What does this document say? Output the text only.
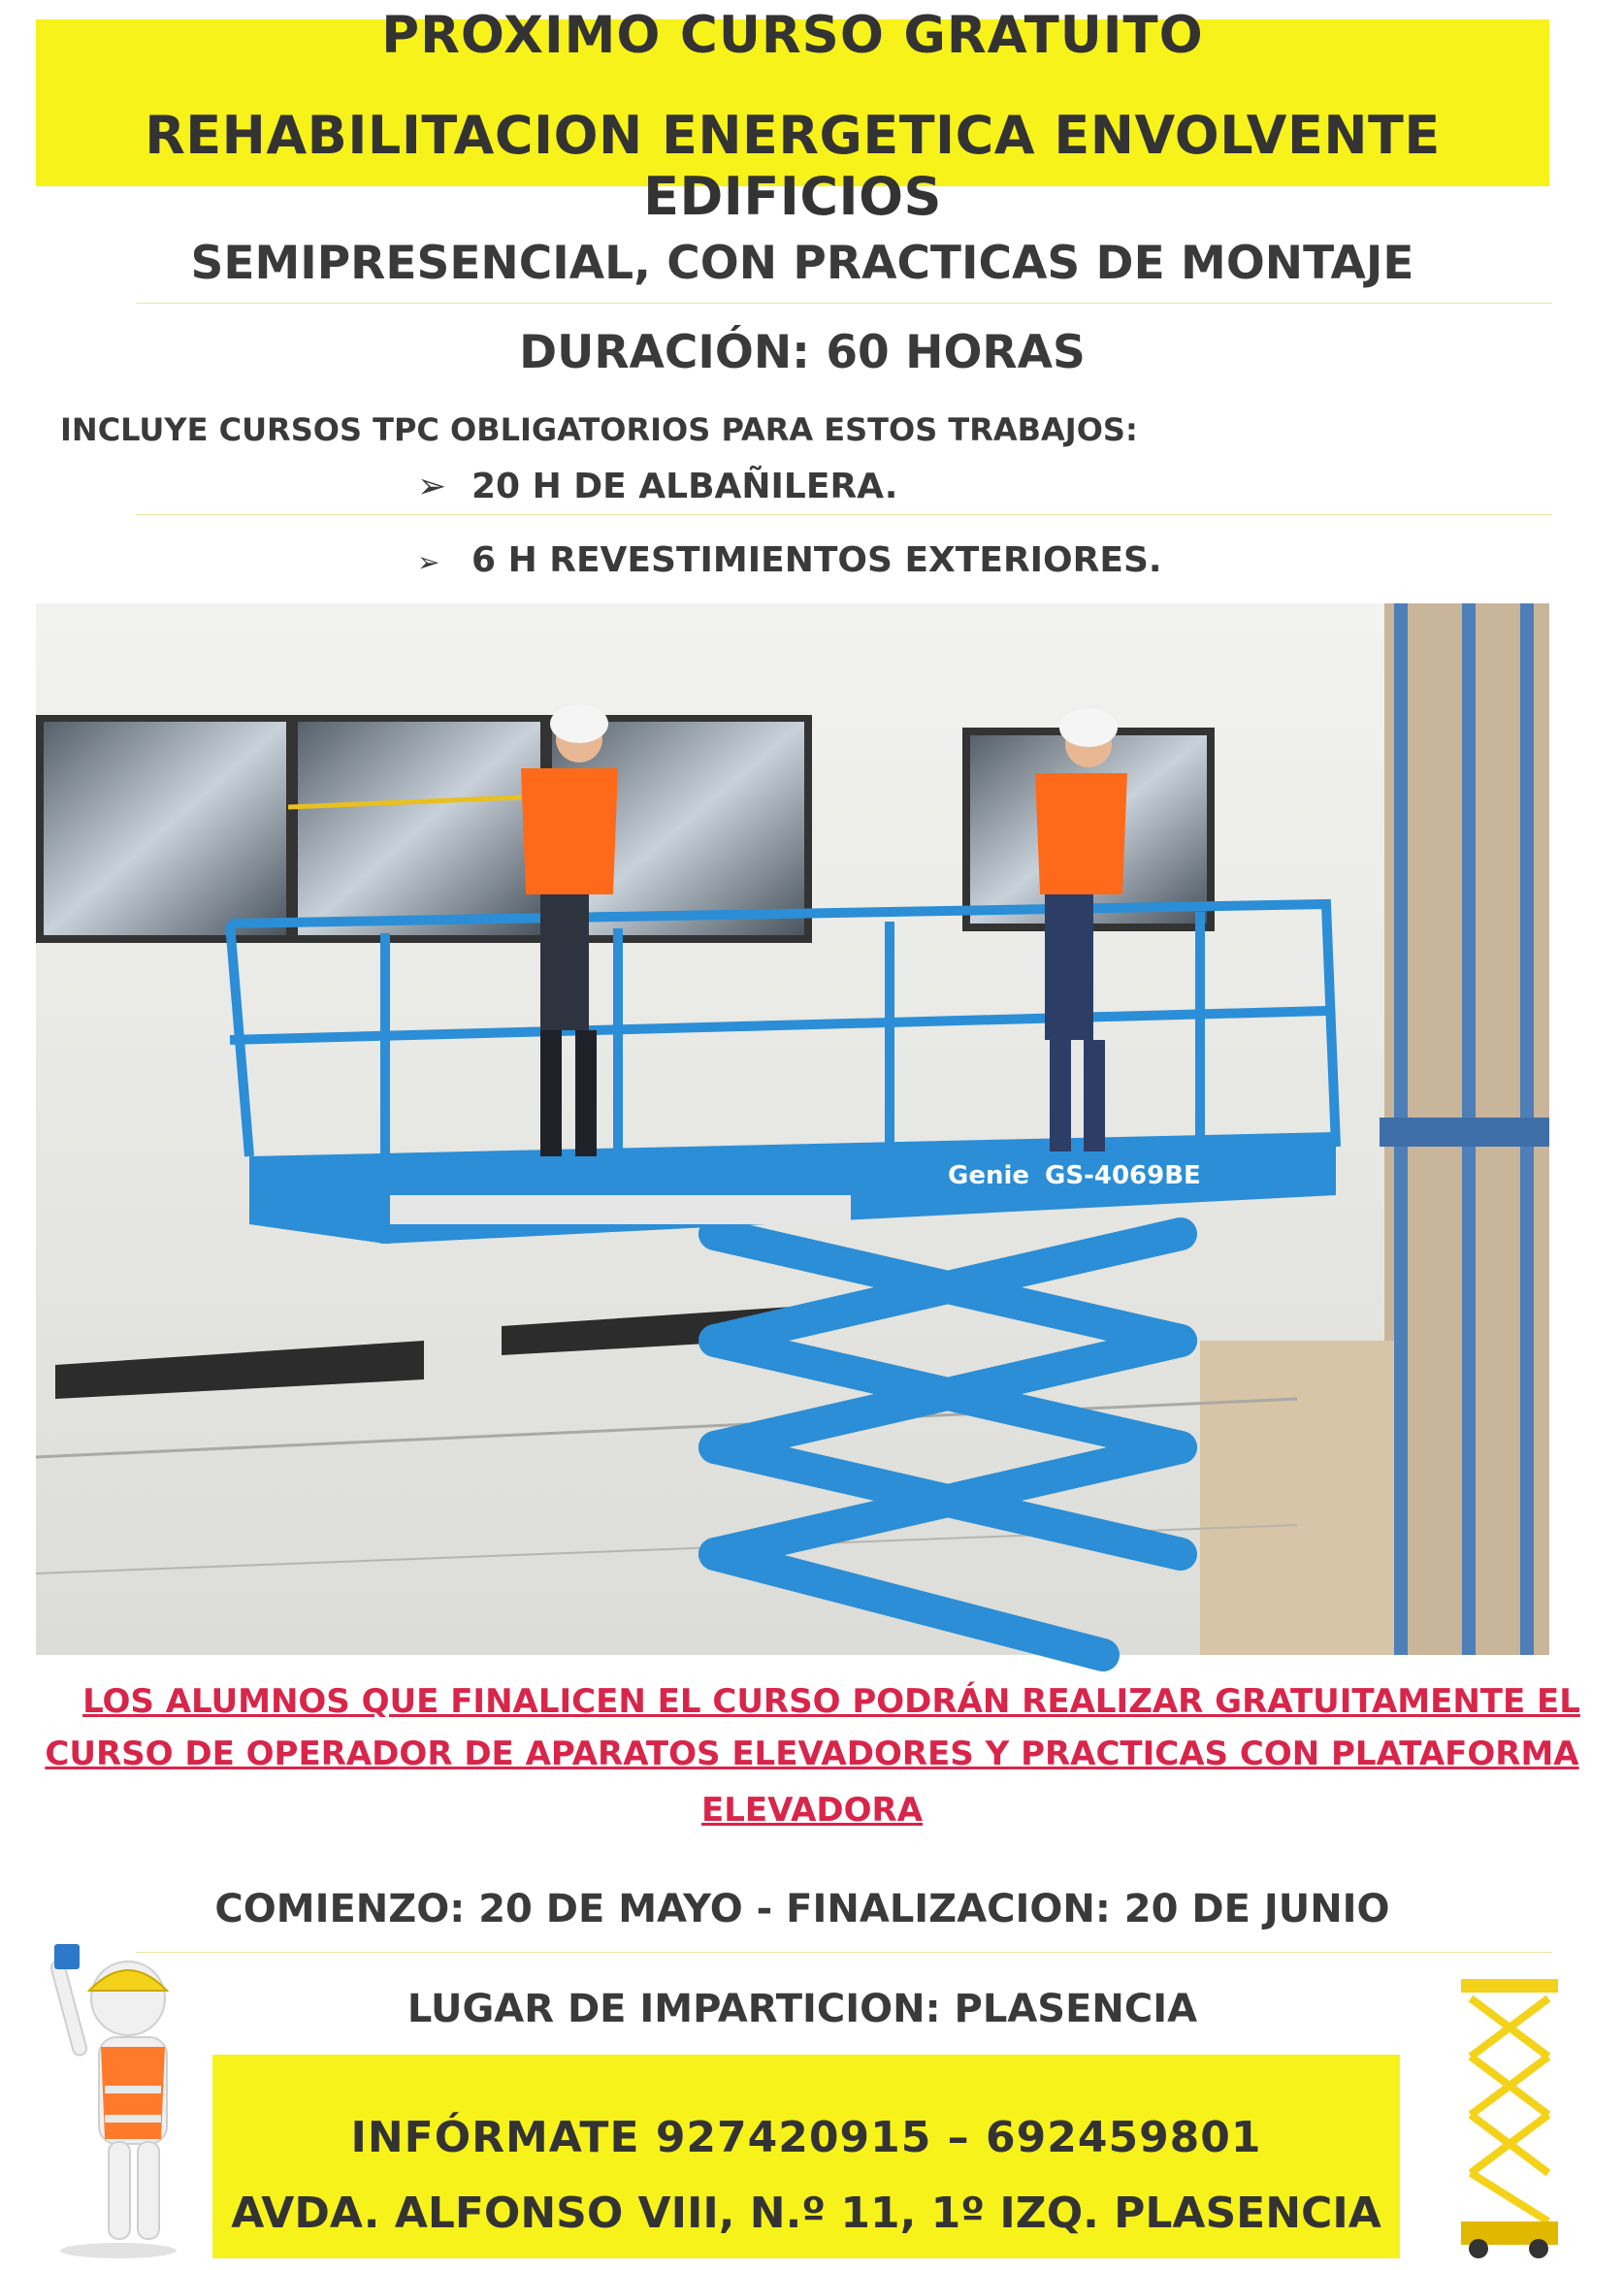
PROXIMO CURSO GRATUITO
REHABILITACION ENERGETICA ENVOLVENTE EDIFICIOS
SEMIPRESENCIAL, CON PRACTICAS DE MONTAJE
DURACIÓN: 60 HORAS
INCLUYE CURSOS TPC OBLIGATORIOS PARA ESTOS TRABAJOS:
➢ 20 H DE ALBAÑILERA.
➢ 6 H REVESTIMIENTOS EXTERIORES.
Genie GS-4069BE
LOS ALUMNOS QUE FINALICEN EL CURSO PODRÁN REALIZAR GRATUITAMENTE EL
CURSO DE OPERADOR DE APARATOS ELEVADORES Y PRACTICAS CON PLATAFORMA
ELEVADORA
COMIENZO: 20 DE MAYO - FINALIZACION: 20 DE JUNIO
LUGAR DE IMPARTICION: PLASENCIA
INFÓRMATE 927420915 – 692459801
AVDA. ALFONSO VIII, N.º 11, 1º IZQ. PLASENCIA
